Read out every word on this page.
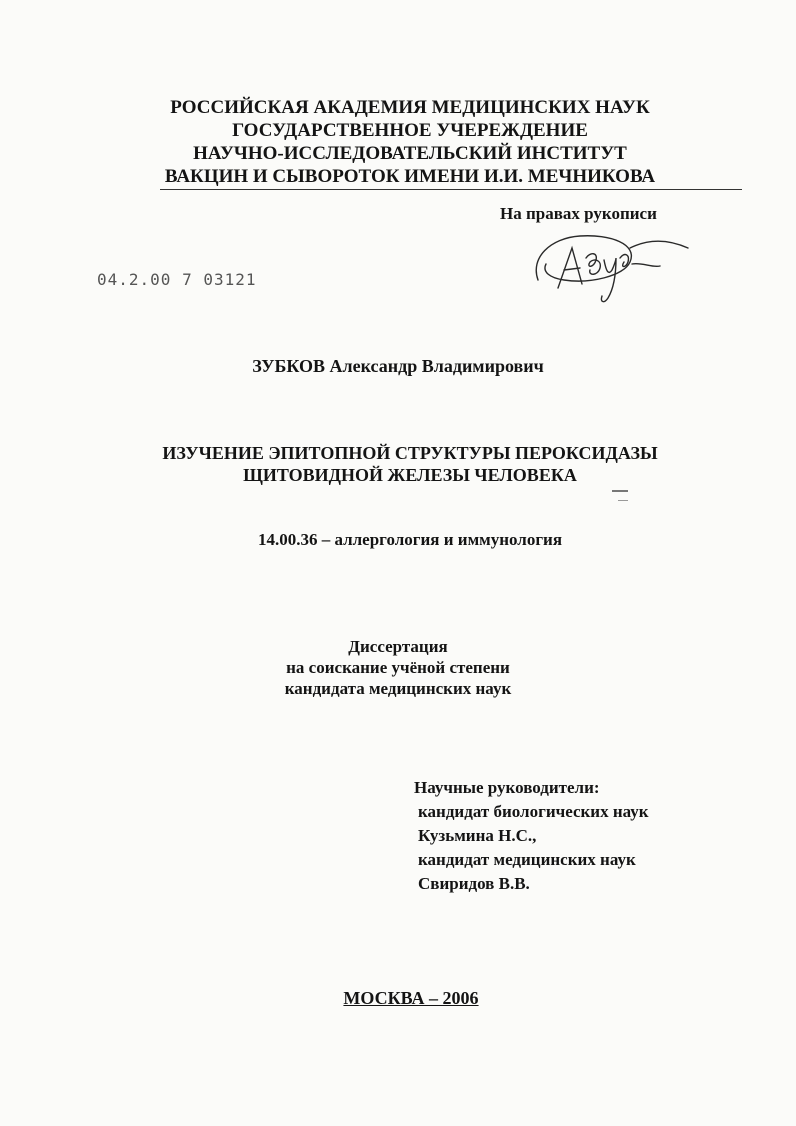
РОССИЙСКАЯ АКАДЕМИЯ МЕДИЦИНСКИХ НАУК
ГОСУДАРСТВЕННОЕ УЧЕРЕЖДЕНИЕ
НАУЧНО-ИССЛЕДОВАТЕЛЬСКИЙ ИНСТИТУТ
ВАКЦИН И СЫВОРОТОК ИМЕНИ И.И. МЕЧНИКОВА
На правах рукописи
04.2.00 7 03121
ЗУБКОВ Александр Владимирович
ИЗУЧЕНИЕ ЭПИТОПНОЙ СТРУКТУРЫ ПЕРОКСИДАЗЫ
ЩИТОВИДНОЙ ЖЕЛЕЗЫ ЧЕЛОВЕКА
14.00.36 – аллергология и иммунология
Диссертация
на соискание учёной степени
кандидата медицинских наук
Научные руководители:
кандидат биологических наук
Кузьмина Н.С.,
кандидат медицинских наук
Свиридов В.В.
МОСКВА – 2006
